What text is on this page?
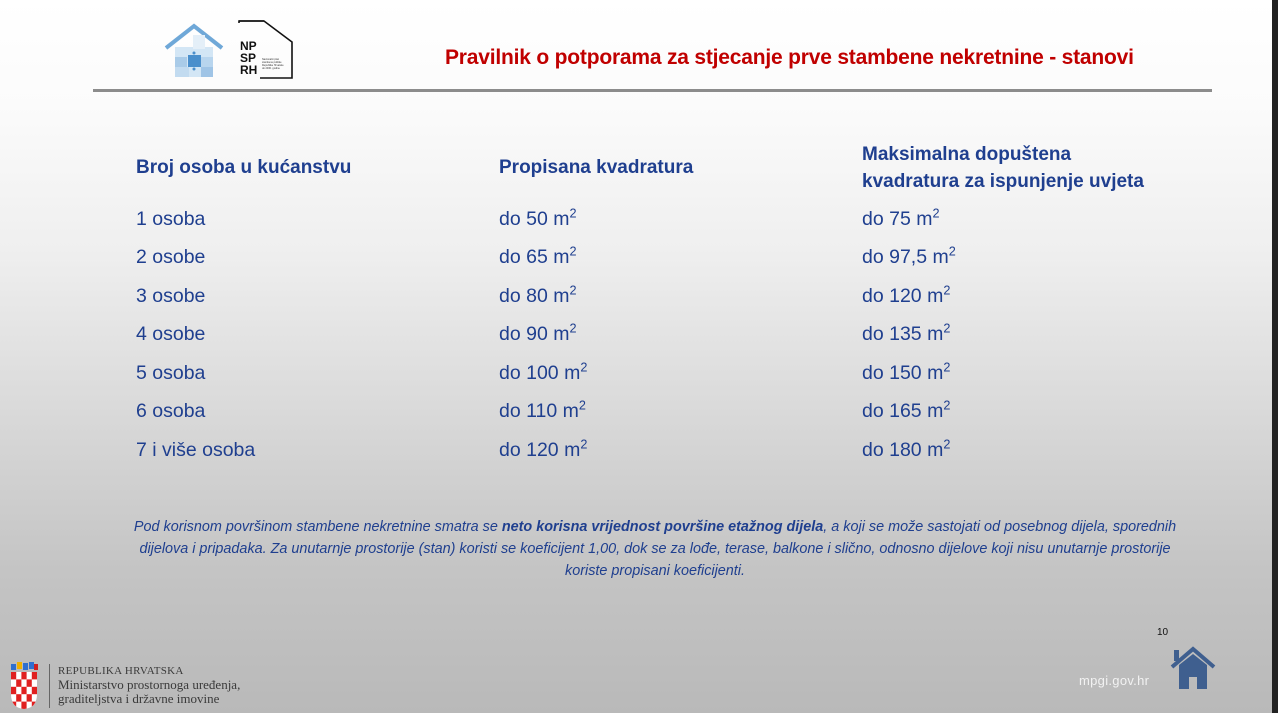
NP
SP
RH
Nacionalni plan stambene politike Republike Hrvatske do 2030. godine	Pravilnik o potporama za stjecanje prve stambene nekretnine - stanovi
Broj osoba u kućanstvu	Propisana kvadratura
Maksimalna dopuštena
kvadratura za ispunjenje uvjeta
1 osoba	do 50 $m^2$	do 75 $m^2$
2 osobe	do 65 $m^2$	do 97,5 $m^2$
3 osobe	do 80 $m^2$	do 120 $m^2$
4 osobe	do 90 $m^2$	do 135 $m^2$
5 osoba	do 100 $m^2$	do 150 $m^2$
6 osoba	do 110 $m^2$	do 165 $m^2$
7 i više osoba	do 120 $m^2$	do 180 $m^2$
Pod korisnom površinom stambene nekretnine smatra se neto korisna vrijednost površine etažnog dijela, a koji se može sastojati od posebnog dijela, sporednih dijelova i pripadaka. Za unutarnje prostorije (stan) koristi se koeficijent 1,00, dok se za lođe, terase, balkone i slično, odnosno dijelove koji nisu unutarnje prostorije koriste propisani koeficijenti.
REPUBLIKA HRVATSKA
Ministarstvo prostornoga uređenja,
graditeljstva i državne imovine
10
mpgi.gov.hr
